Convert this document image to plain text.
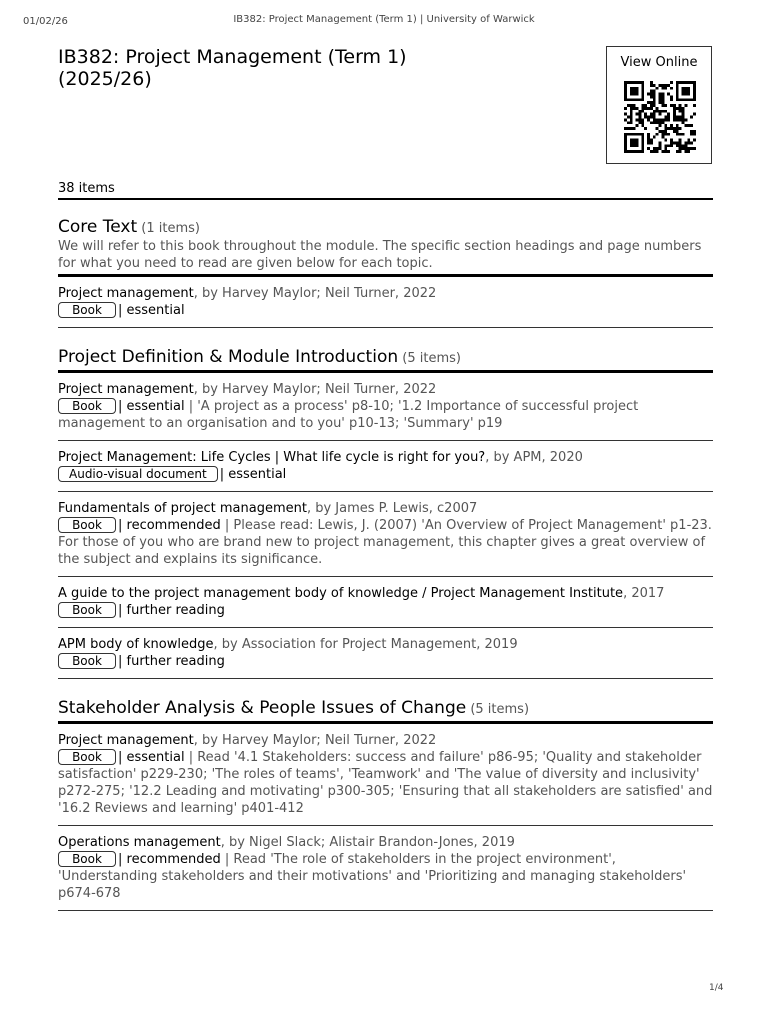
01/02/26	IB382: Project Management (Term 1) | University of Warwick
IB382: Project Management (Term 1) (2025/26)
View Online
38 items
Core Text (1 items)
We will refer to this book throughout the module. The specific section headings and page numbers for what you need to read are given below for each topic.
Project management, by Harvey Maylor; Neil Turner, 2022
Book | essential
Project Definition & Module Introduction (5 items)
Project management, by Harvey Maylor; Neil Turner, 2022
Book | essential | 'A project as a process' p8-10; '1.2 Importance of successful project management to an organisation and to you' p10-13; 'Summary' p19
Project Management: Life Cycles | What life cycle is right for you?, by APM, 2020
Audio-visual document | essential
Fundamentals of project management, by James P. Lewis, c2007
Book | recommended | Please read: Lewis, J. (2007) 'An Overview of Project Management' p1-23. For those of you who are brand new to project management, this chapter gives a great overview of the subject and explains its significance.
A guide to the project management body of knowledge / Project Management Institute, 2017
Book | further reading
APM body of knowledge, by Association for Project Management, 2019
Book | further reading
Stakeholder Analysis & People Issues of Change (5 items)
Project management, by Harvey Maylor; Neil Turner, 2022
Book | essential | Read '4.1 Stakeholders: success and failure' p86-95; 'Quality and stakeholder satisfaction' p229-230; 'The roles of teams', 'Teamwork' and 'The value of diversity and inclusivity' p272-275; '12.2 Leading and motivating' p300-305; 'Ensuring that all stakeholders are satisfied' and '16.2 Reviews and learning' p401-412
Operations management, by Nigel Slack; Alistair Brandon-Jones, 2019
Book | recommended | Read 'The role of stakeholders in the project environment', 'Understanding stakeholders and their motivations' and 'Prioritizing and managing stakeholders' p674-678
1/4
